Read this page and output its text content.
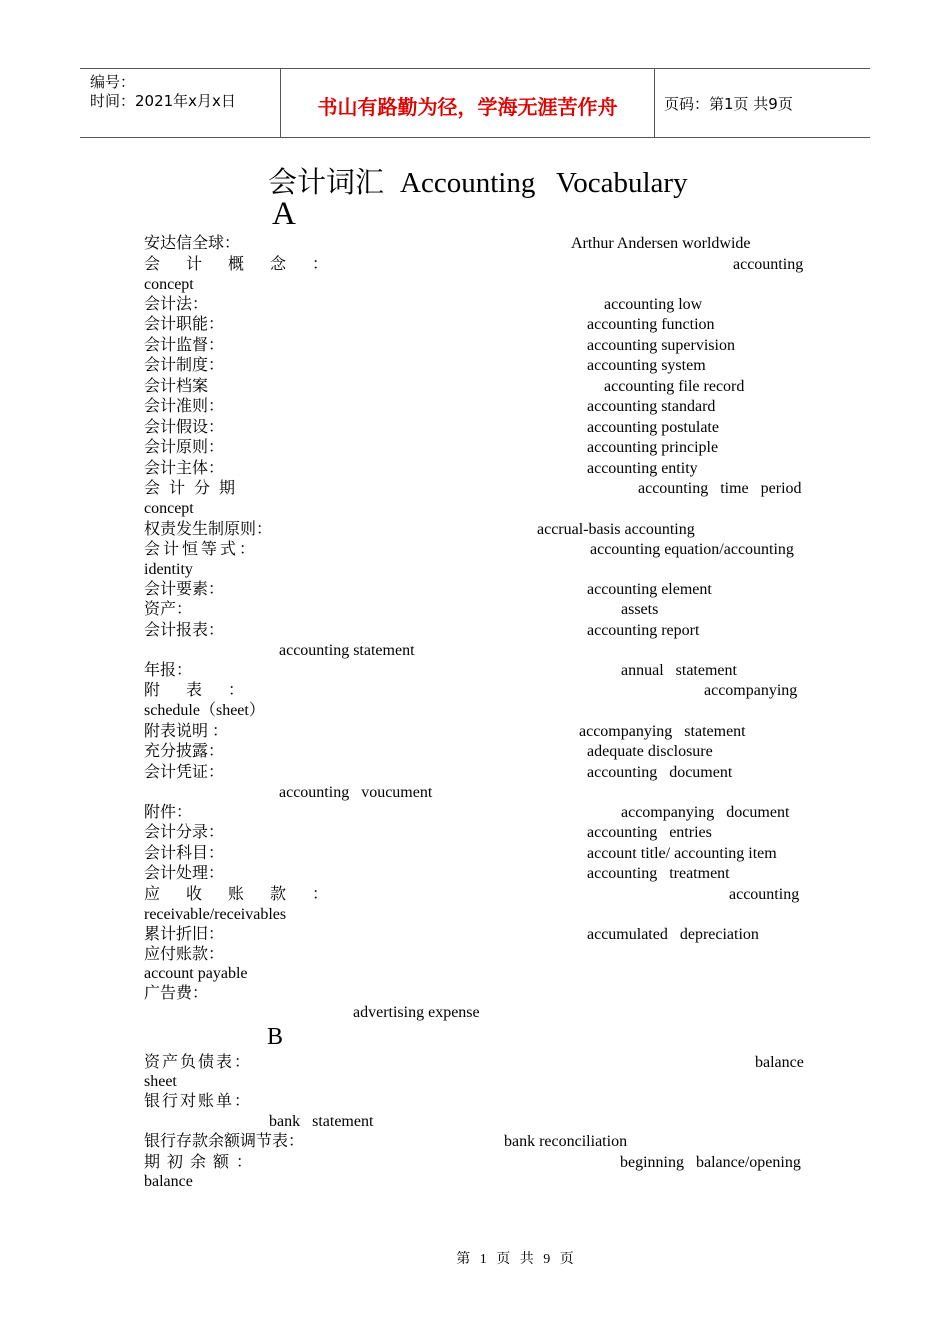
编号：
时间：2021年x月x日	书山有路勤为径，学海无涯苦作舟	页码：第1页 共9页
会计词汇 Accounting Vocabulary
A
安达信全球：	Arthur Andersen worldwide
会计概念：	accounting
concept
会计法：	accounting low
会计职能：	accounting function
会计监督：	accounting supervision
会计制度：	accounting system
会计档案	accounting file record
会计准则：	accounting standard
会计假设：	accounting postulate
会计原则：	accounting principle
会计主体：	accounting entity
会计分期	accounting time period
concept
权责发生制原则：	accrual-basis accounting
会计恒等式：	accounting equation/accounting
identity
会计要素：	accounting element
资产：	assets
会计报表：	accounting report
accounting statement
年报：	annual statement
附表：	accompanying
schedule（sheet）
附表说明 ：	accompanying statement
充分披露：	adequate disclosure
会计凭证：	accounting document
accounting voucument
附件：	accompanying document
会计分录：	accounting entries
会计科目：	account title/ accounting item
会计处理：	accounting treatment
应收账款：	accounting
receivable/receivables
累计折旧：	accumulated depreciation
应付账款：
account payable
广告费：
advertising expense
B
资产负债表：	balance
sheet
银行对账单：
bank statement
银行存款余额调节表：	bank reconciliation
期初余额：	beginning balance/opening
balance
第 1 页 共 9 页
